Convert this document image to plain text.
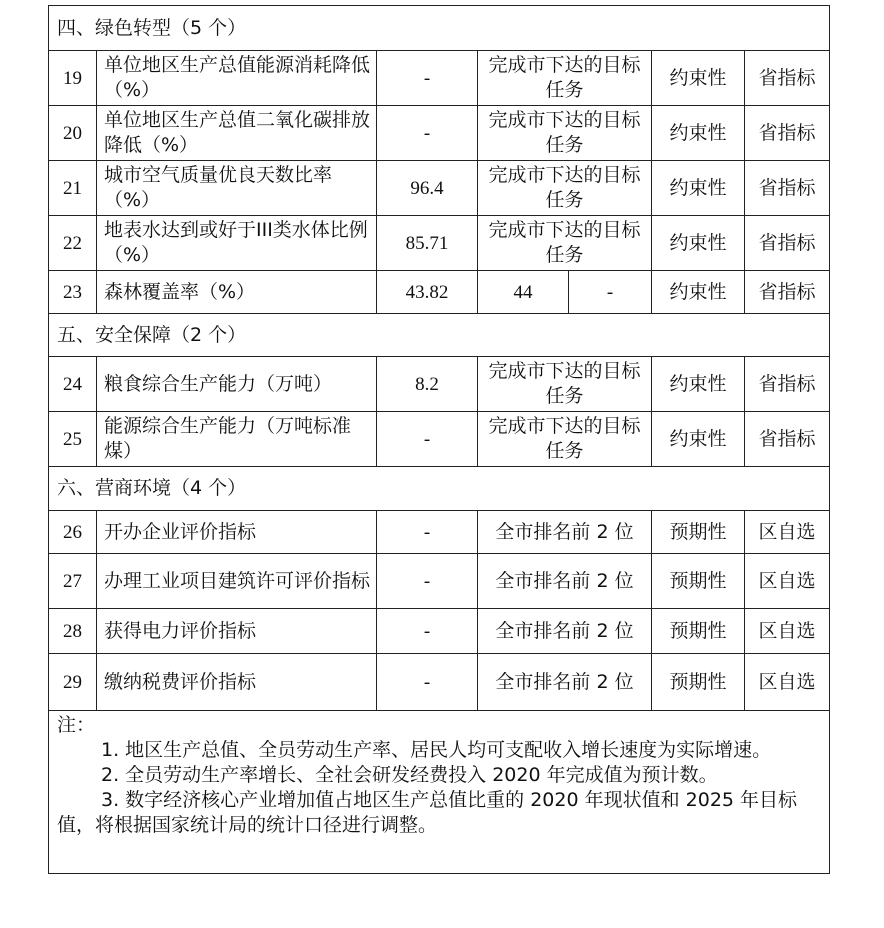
四、绿色转型（5 个）						
19	单位地区生产总值能源消耗降低（%）	-	完成市下达的目标任务		约束性	省指标
20	单位地区生产总值二氧化碳排放降低（%）	-	完成市下达的目标任务		约束性	省指标
21	城市空气质量优良天数比率（%）	96.4	完成市下达的目标任务		约束性	省指标
22	地表水达到或好于III类水体比例（%）	85.71	完成市下达的目标任务		约束性	省指标
23	森林覆盖率（%）	43.82	44	-	约束性	省指标
五、安全保障（2 个）						
24	粮食综合生产能力（万吨）	8.2	完成市下达的目标任务		约束性	省指标
25	能源综合生产能力（万吨标准煤）	-	完成市下达的目标任务		约束性	省指标
六、营商环境（4 个）						
26	开办企业评价指标	-	全市排名前 2 位		预期性	区自选
27	办理工业项目建筑许可评价指标	-	全市排名前 2 位		预期性	区自选
28	获得电力评价指标	-	全市排名前 2 位		预期性	区自选
29	缴纳税费评价指标	-	全市排名前 2 位		预期性	区自选

注：

1. 地区生产总值、全员劳动生产率、居民人均可支配收入增长速度为实际增速。

2. 全员劳动生产率增长、全社会研发经费投入 2020 年完成值为预计数。

3. 数字经济核心产业增加值占地区生产总值比重的 2020 年现状值和 2025 年目标值，将根据国家统计局的统计口径进行调整。						
